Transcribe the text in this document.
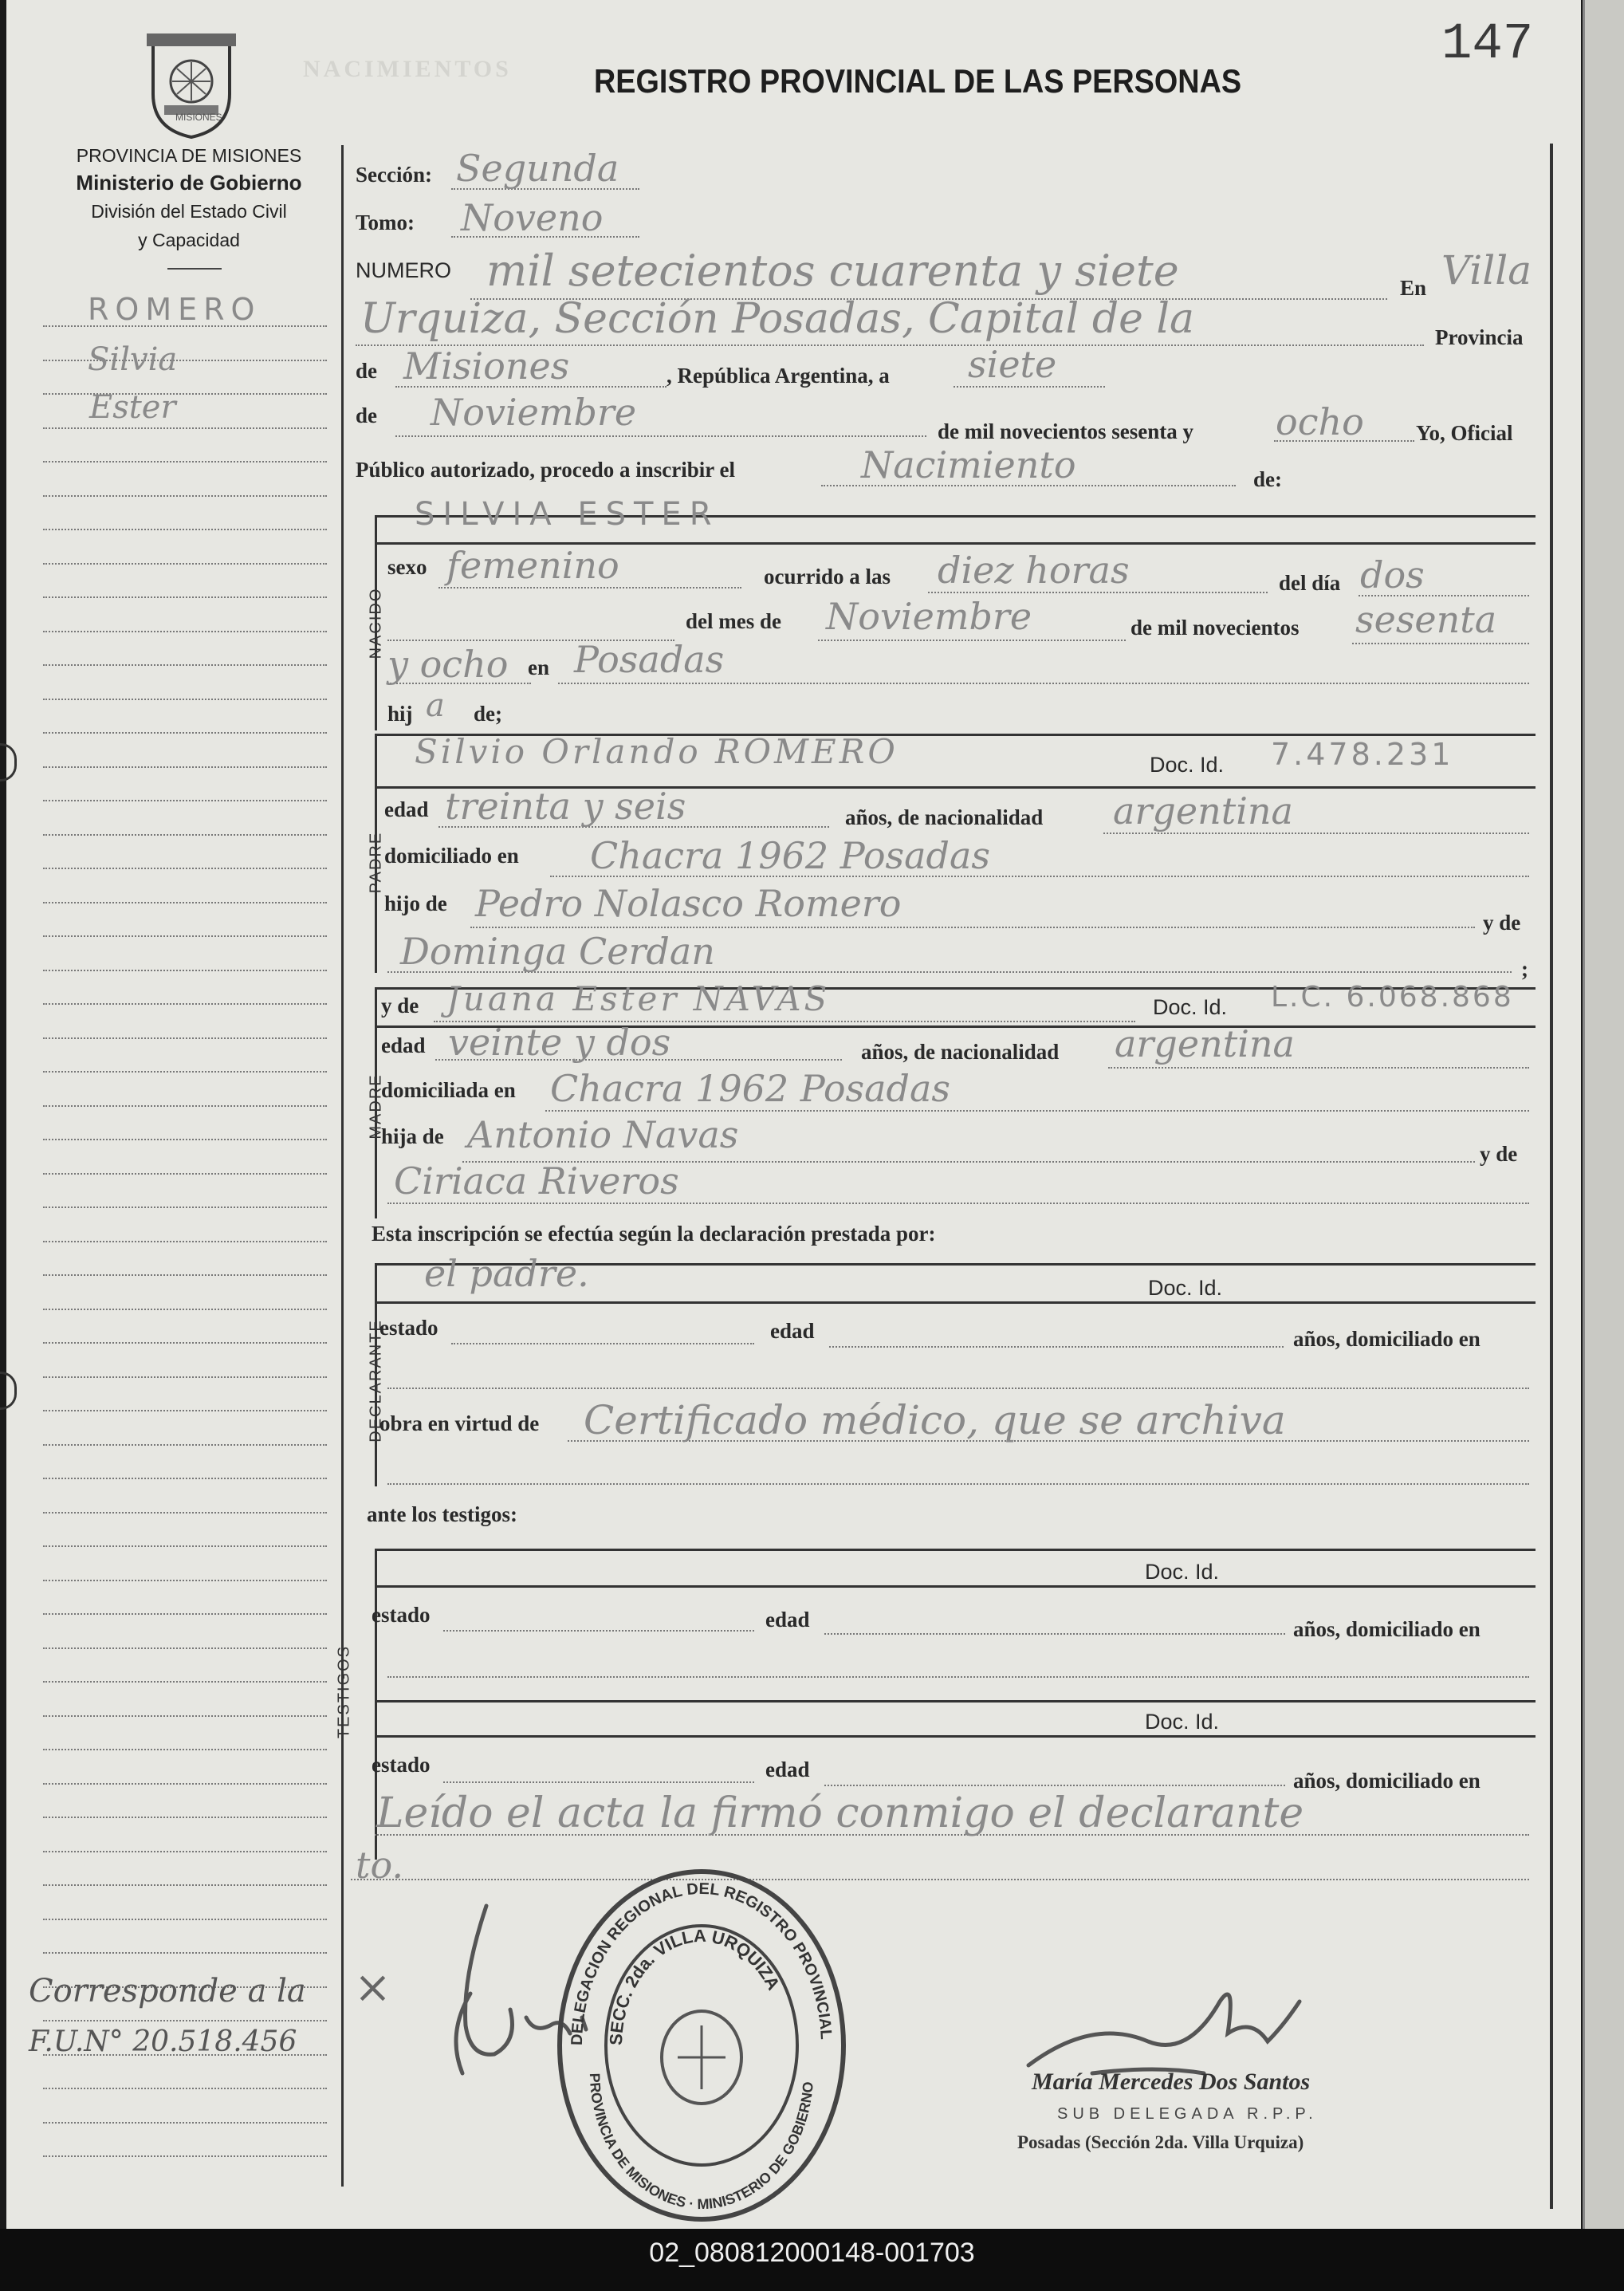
147
NACIMIENTOS REGISTRO PROVINCIAL DE LAS PERSONAS
MISIONES
PROVINCIA DE MISIONES
Ministerio de Gobierno
División del Estado Civil
y Capacidad
ROMERO
Silvia
Ester
Corresponde a la
F.U.N° 20.518.456
Sección: Segunda
Tomo: Noveno
NUMERO mil setecientos cuarenta y siete	En Villa
Urquiza, Sección Posadas, Capital de la	Provincia
de Misiones	, República Argentina, a siete
de Noviembre	de mil novecientos sesenta y ocho Yo, Oficial
Público autorizado, procedo a inscribir el	Nacimiento	de:
NACIDO
SILVIA ESTER
sexo femenino	ocurrido a las diez horas	del día dos
del mes de Noviembre	de mil novecientos sesenta
y ocho en Posadas
hij a de;
PADRE
Silvio Orlando ROMERO	Doc. Id. 7.478.231
edad treinta y seis	años, de nacionalidad argentina
domiciliado en Chacra 1962 Posadas
hijo de Pedro Nolasco Romero	y de
Dominga Cerdan	;
MADRE
y de Juana Ester NAVAS	Doc. Id. L.C. 6.068.868
edad veinte y dos	años, de nacionalidad argentina
domiciliada en Chacra 1962 Posadas
hija de Antonio Navas	y de
Ciriaca Riveros
Esta inscripción se efectúa según la declaración prestada por:
DECLARANTE
el padre.	Doc. Id.
estado	edad	años, domiciliado en
obra en virtud de Certificado médico, que se archiva
ante los testigos:
TESTIGOS
Doc. Id.
estado	edad	años, domiciliado en
Doc. Id.
estado	edad	años, domiciliado en
Leído el acta la firmó conmigo el declarante
to.
×
DELEGACION REGIONAL DEL REGISTRO PROVINCIAL
SECC. 2da. VILLA URQUIZA
PROVINCIA DE MISIONES · MINISTERIO DE GOBIERNO	María Mercedes Dos Santos
SUB DELEGADA R.P.P.
Posadas (Sección 2da. Villa Urquiza)
02_080812000148-001703
